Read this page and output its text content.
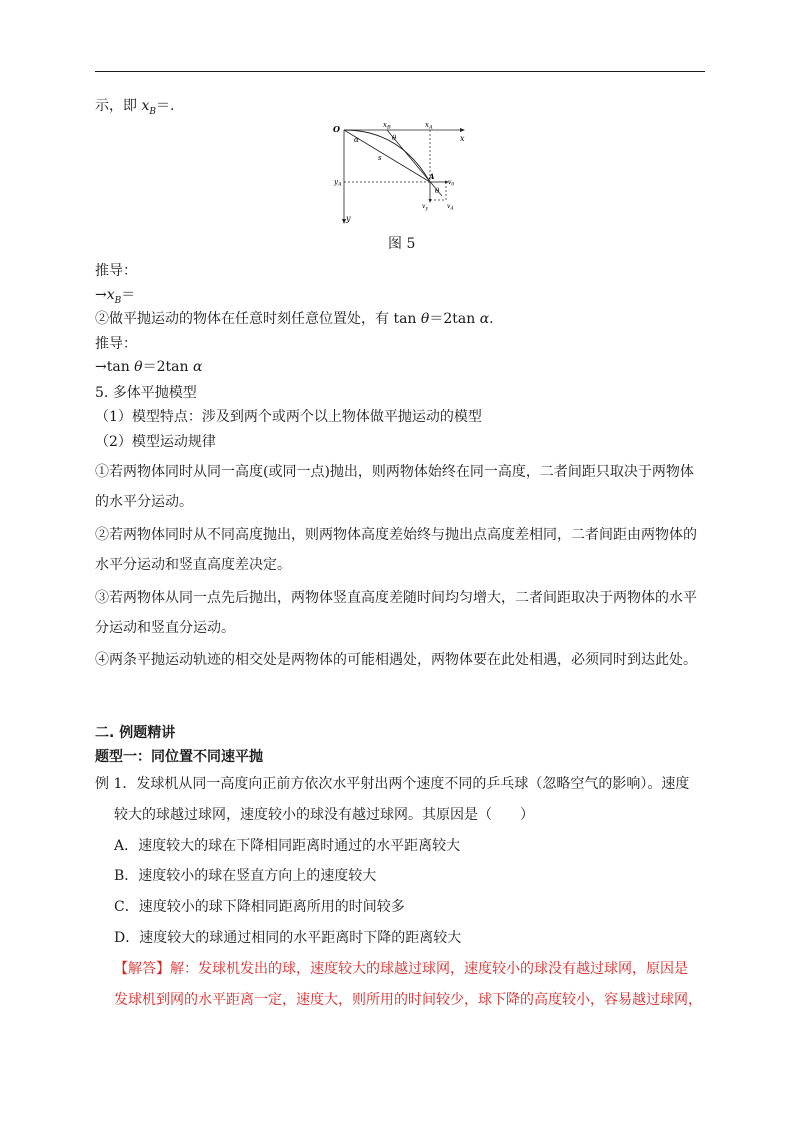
示，即 $x_B=$.
O
x
y
$x_B$	$x_A$
$y_A$
A
α	θ
θ
s
$v_0$
$v_y$	$v_A$
图 5
推导：
$\to x_B=$
②做平抛运动的物体在任意时刻任意位置处，有 tan θ＝2tan α.
推导：
→tan θ＝2tan α
5. 多体平抛模型
（1）模型特点：涉及到两个或两个以上物体做平抛运动的模型
（2）模型运动规律
①若两物体同时从同一高度(或同一点)抛出，则两物体始终在同一高度，二者间距只取决于两物体
的水平分运动。
②若两物体同时从不同高度抛出，则两物体高度差始终与抛出点高度差相同，二者间距由两物体的
水平分运动和竖直高度差决定。
③若两物体从同一点先后抛出，两物体竖直高度差随时间均匀增大，二者间距取决于两物体的水平
分运动和竖直分运动。
④两条平抛运动轨迹的相交处是两物体的可能相遇处，两物体要在此处相遇，必须同时到达此处。
二. 例题精讲
题型一：同位置不同速平抛
例 1．发球机从同一高度向正前方依次水平射出两个速度不同的乒乓球（忽略空气的影响）。速度
较大的球越过球网，速度较小的球没有越过球网。其原因是（　　）
A．速度较大的球在下降相同距离时通过的水平距离较大
B．速度较小的球在竖直方向上的速度较大
C．速度较小的球下降相同距离所用的时间较多
D．速度较大的球通过相同的水平距离时下降的距离较大
【解答】解：发球机发出的球，速度较大的球越过球网，速度较小的球没有越过球网，原因是
发球机到网的水平距离一定，速度大，则所用的时间较少，球下降的高度较小，容易越过球网，
